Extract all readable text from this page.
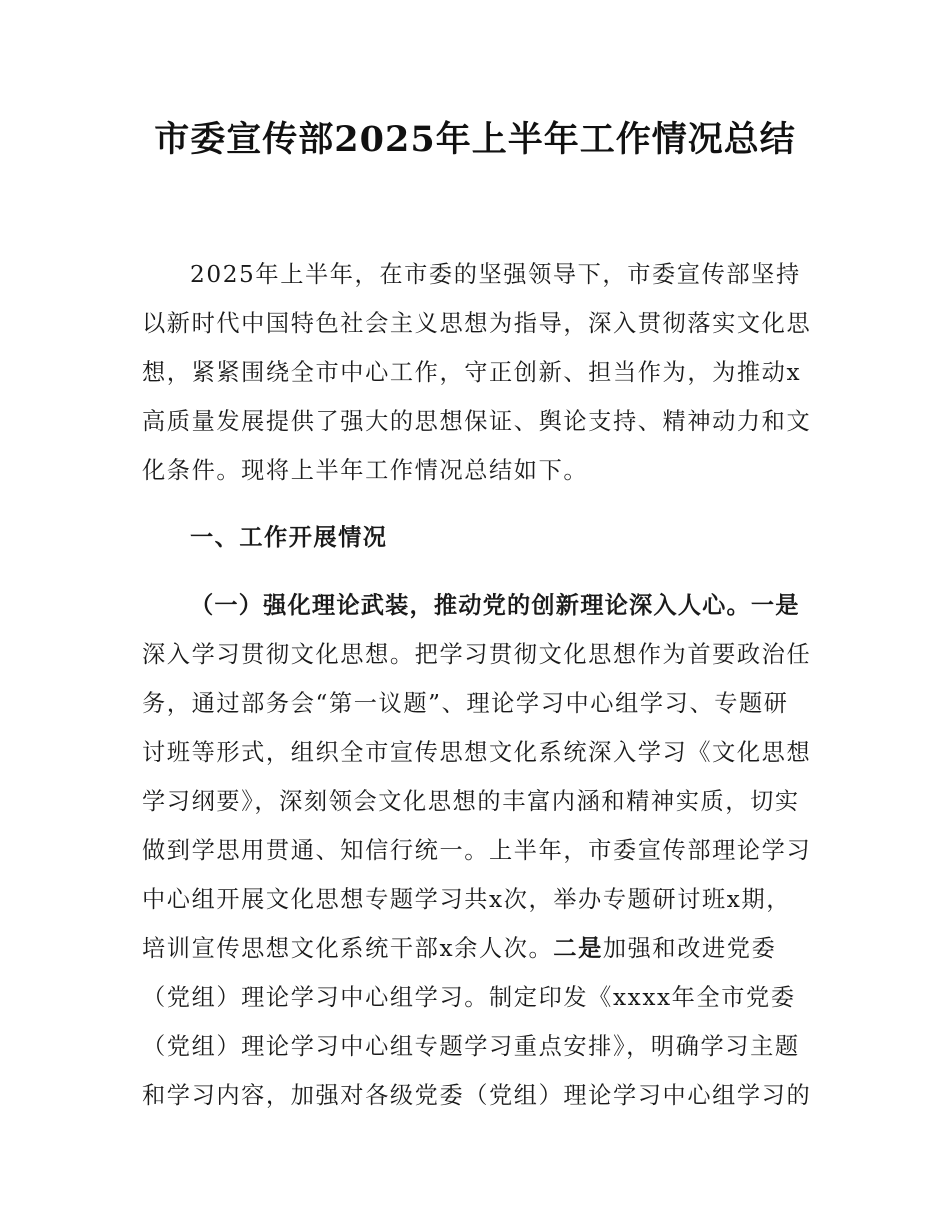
市委宣传部2025年上半年工作情况总结
2025年上半年，在市委的坚强领导下，市委宣传部坚持
以新时代中国特色社会主义思想为指导，深入贯彻落实文化思
想，紧紧围绕全市中心工作，守正创新、担当作为，为推动x
高质量发展提供了强大的思想保证、舆论支持、精神动力和文
化条件。现将上半年工作情况总结如下。
一、工作开展情况
（一）强化理论武装，推动党的创新理论深入人心。一是
深入学习贯彻文化思想。把学习贯彻文化思想作为首要政治任
务，通过部务会“第一议题”、理论学习中心组学习、专题研
讨班等形式，组织全市宣传思想文化系统深入学习《文化思想
学习纲要》，深刻领会文化思想的丰富内涵和精神实质，切实
做到学思用贯通、知信行统一。上半年，市委宣传部理论学习
中心组开展文化思想专题学习共x次，举办专题研讨班x期，
培训宣传思想文化系统干部x余人次。二是加强和改进党委
（党组）理论学习中心组学习。制定印发《xxxx年全市党委
（党组）理论学习中心组专题学习重点安排》，明确学习主题
和学习内容，加强对各级党委（党组）理论学习中心组学习的
